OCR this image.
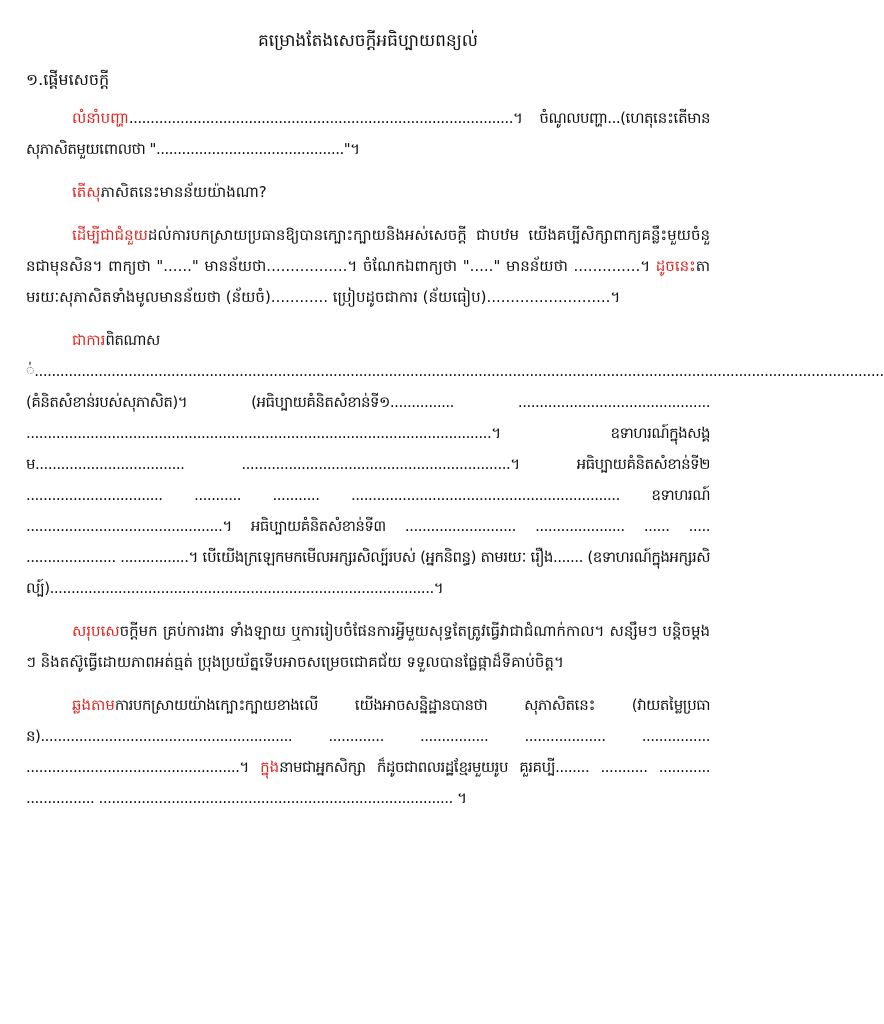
គម្រោងតែងសេចក្តីអធិប្បាយពន្យល់
១.ផ្តើមសេចក្តី

លំនាំបញ្ហា..........................................................................................។ ចំណូលបញ្ហា...(ហេតុនេះតើមានសុភាសិតមួយពោលថា "............................................"។

តើសុភាសិតនេះមានន័យយ៉ាងណា?

ដើម្បីជាជំនួយដល់ការបកស្រាយប្រធានឱ្យបានក្បោះក្បាយនិងអស់សេចក្តី ជាបឋម យើងគប្បីសិក្សាពាក្យគន្លឹះមួយចំនួនជាមុនសិន។ ពាក្យថា "......" មានន័យថា.................។ ចំណែកឯពាក្យថា "....." មានន័យថា ..............។ ដូចនេះតាមរយៈសុភាសិតទាំងមូលមានន័យថា (ន័យចំ)............ ប្រៀបដូចជាការ (ន័យធៀប)..........................។

ជាការពិតណាស់.......................................................................................................................................................................................................(គំនិតសំខាន់របស់សុភាសិត)។ (អធិប្បាយគំនិតសំខាន់ទី១............... ............................................. .............................................................................................................។ ឧទាហរណ៍ក្នុងសង្គម................................... ...............................................................។ អធិប្បាយគំនិតសំខាន់ទី២ ................................ ........... ........... ............................................................... ឧទាហរណ៍ ..............................................។ អធិប្បាយគំនិតសំខាន់ទី៣ .......................... ..................... ...... ..... ..................... ................។ បើយើងក្រឡេកមកមើលអក្សរសិល្ប៍របស់ (អ្នកនិពន្ធ) តាមរយៈ រឿង....... (ឧទាហរណ៍ក្នុងអក្សរសិល្ប៍)..........................................................................................។

សរុបសេចក្តីមក គ្រប់ការងារ ទាំងឡាយ ឬការរៀបចំផែនការអ្វីមួយសុទ្ធតែត្រូវធ្វើវាជាជំណាក់កាល។ សន្សឹមៗ បន្តិចម្តងៗ និងតស៊ូធ្វើដោយភាពអត់ធ្មត់ ប្រុងប្រយ័ត្នទើបអាចសម្រេចជោគជ័យ ទទួលបានផ្លែផ្កាដ៏ទីគាប់ចិត្ត។

ឆ្លងតាមការបកស្រាយយ៉ាងក្បោះក្បាយខាងលើ យើងអាចសន្និដ្ឋានបានថា សុភាសិតនេះ (វាយតម្លៃប្រធាន)........................................................... ............. ................ ................... ................ ..................................................។ ក្នុងនាមជាអ្នកសិក្សា ក៏ដូចជាពលរដ្ឋខ្មែរមួយរូប គួរគប្បី........ ........... ............ ................ ................................................................................... ។
